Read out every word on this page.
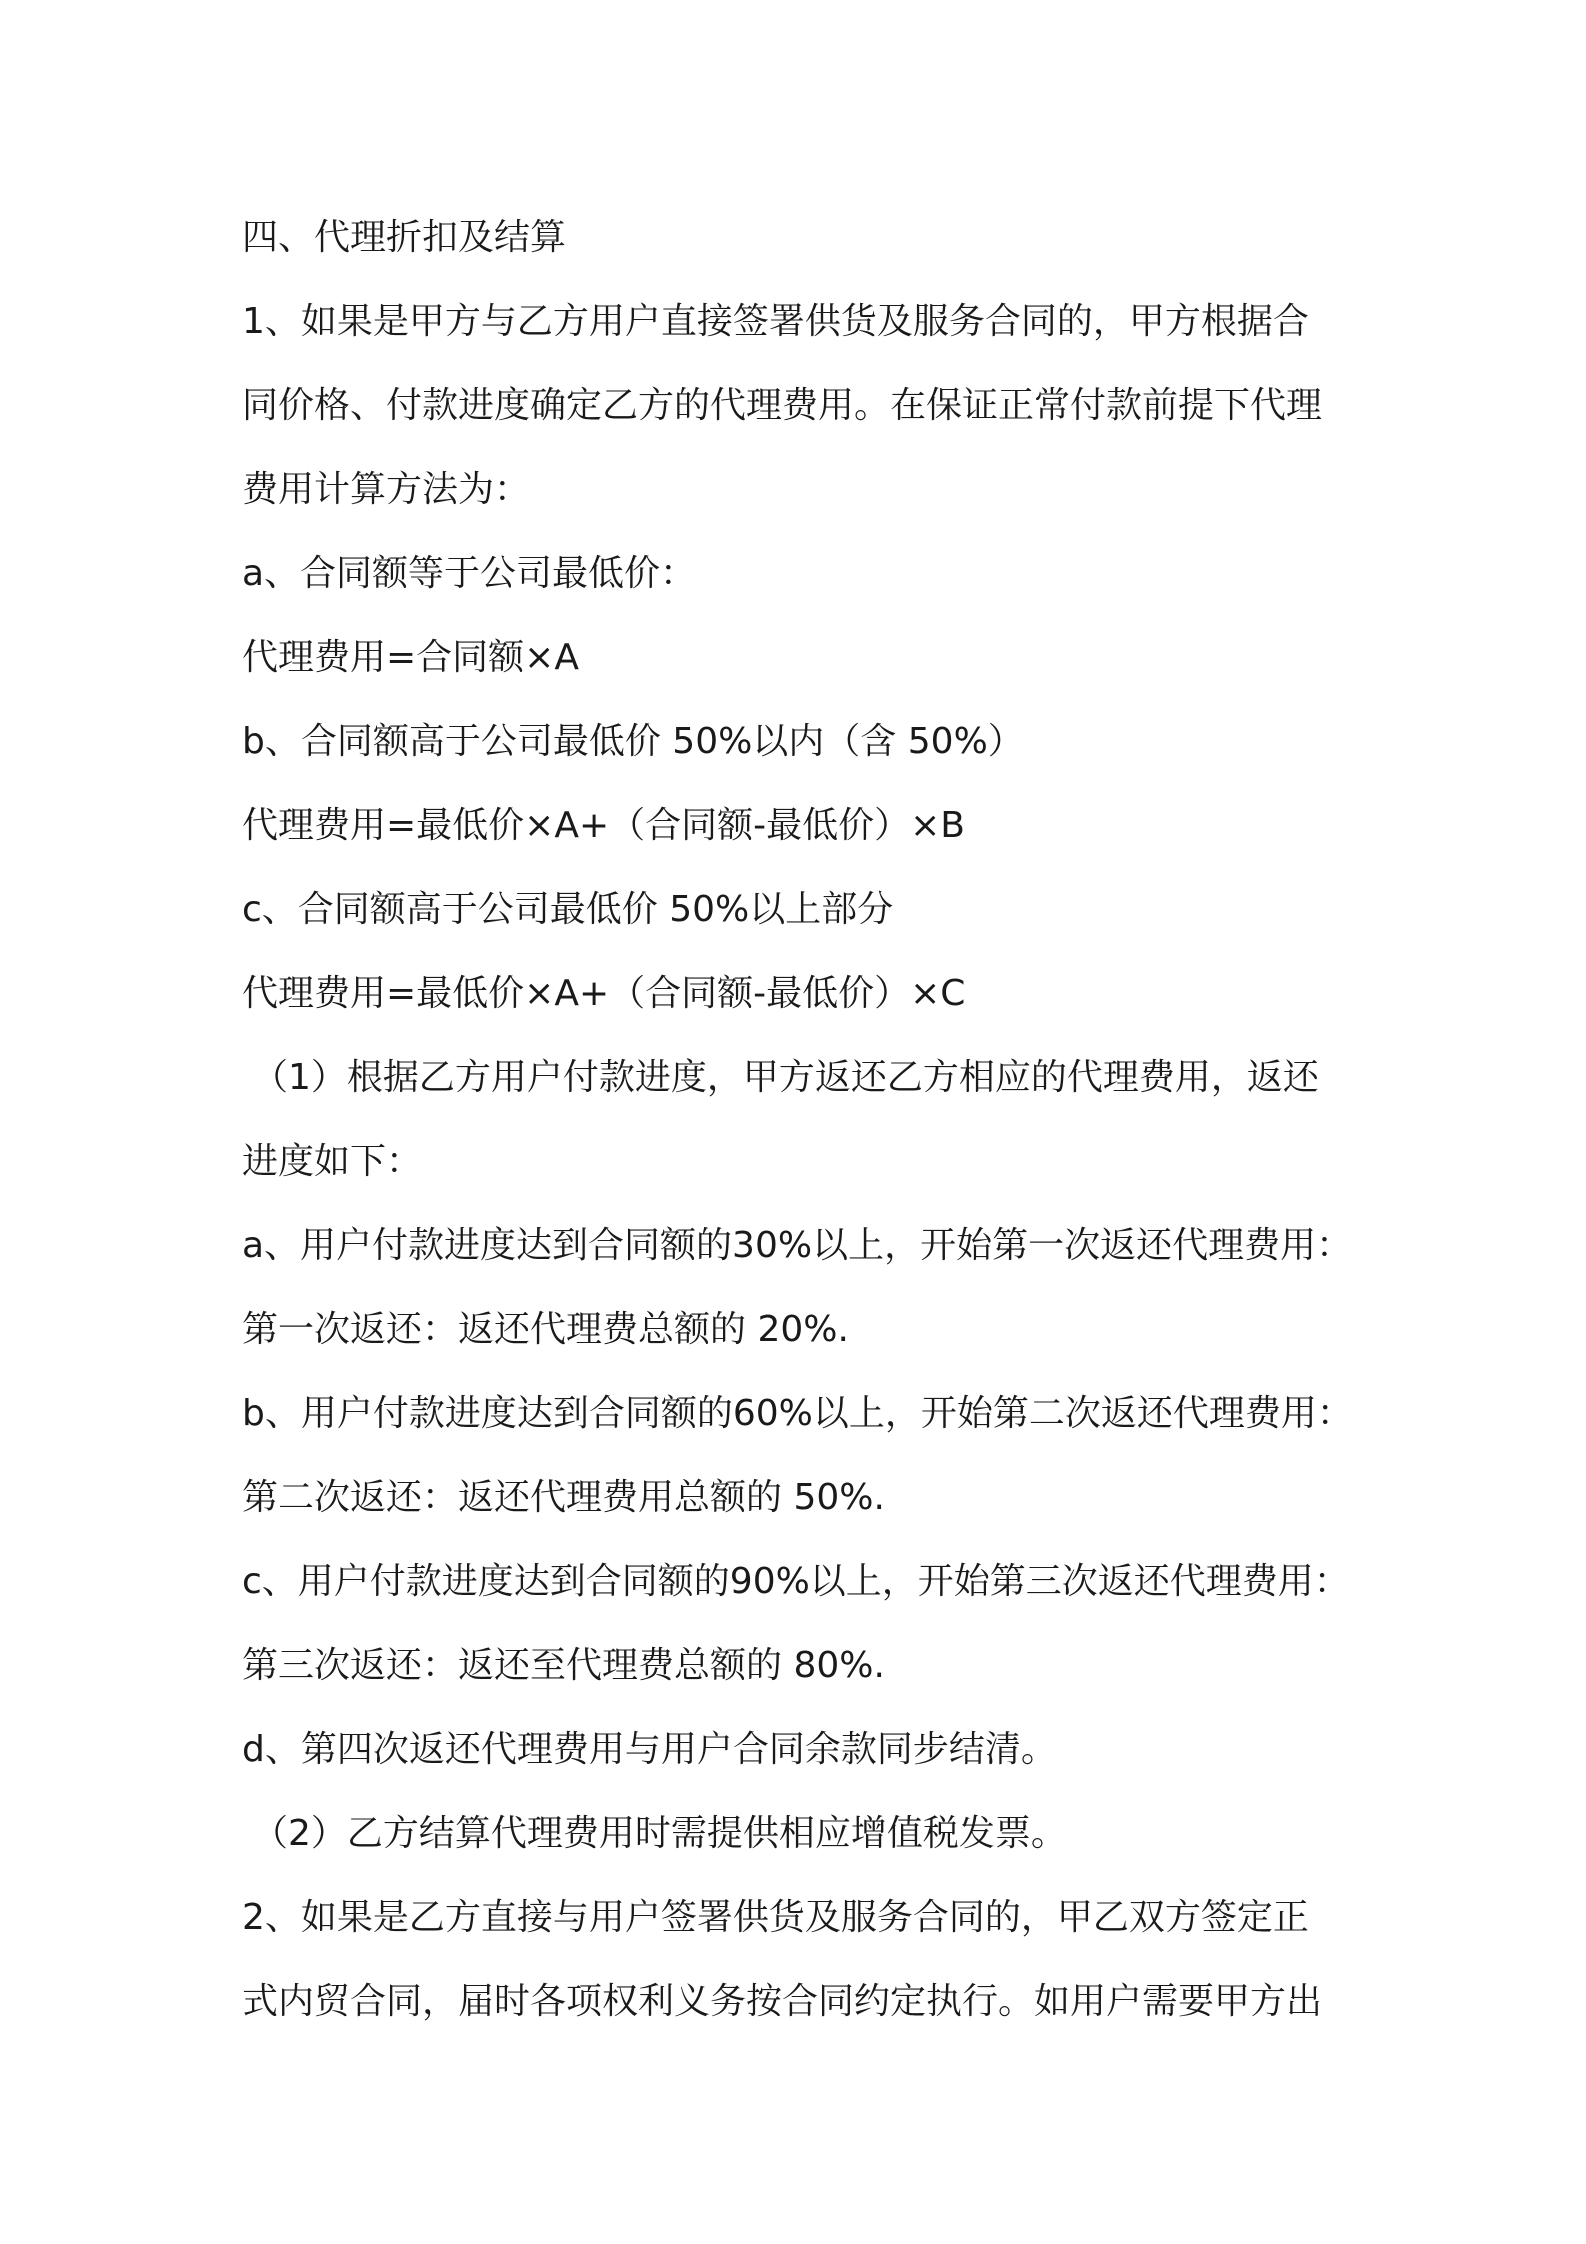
四、代理折扣及结算
1、如果是甲方与乙方用户直接签署供货及服务合同的，甲方根据合
同价格、付款进度确定乙方的代理费用。在保证正常付款前提下代理
费用计算方法为：
a、合同额等于公司最低价：
代理费用=合同额×A
b、合同额高于公司最低价 50%以内（含 50%）
代理费用=最低价×A+（合同额-最低价）×B
c、合同额高于公司最低价 50%以上部分
代理费用=最低价×A+（合同额-最低价）×C
（1）根据乙方用户付款进度，甲方返还乙方相应的代理费用，返还
进度如下：
a、用户付款进度达到合同额的30%以上，开始第一次返还代理费用：
第一次返还：返还代理费总额的 20%.
b、用户付款进度达到合同额的60%以上，开始第二次返还代理费用：
第二次返还：返还代理费用总额的 50%.
c、用户付款进度达到合同额的90%以上，开始第三次返还代理费用：
第三次返还：返还至代理费总额的 80%.
d、第四次返还代理费用与用户合同余款同步结清。
（2）乙方结算代理费用时需提供相应增值税发票。
2、如果是乙方直接与用户签署供货及服务合同的，甲乙双方签定正
式内贸合同，届时各项权利义务按合同约定执行。如用户需要甲方出
